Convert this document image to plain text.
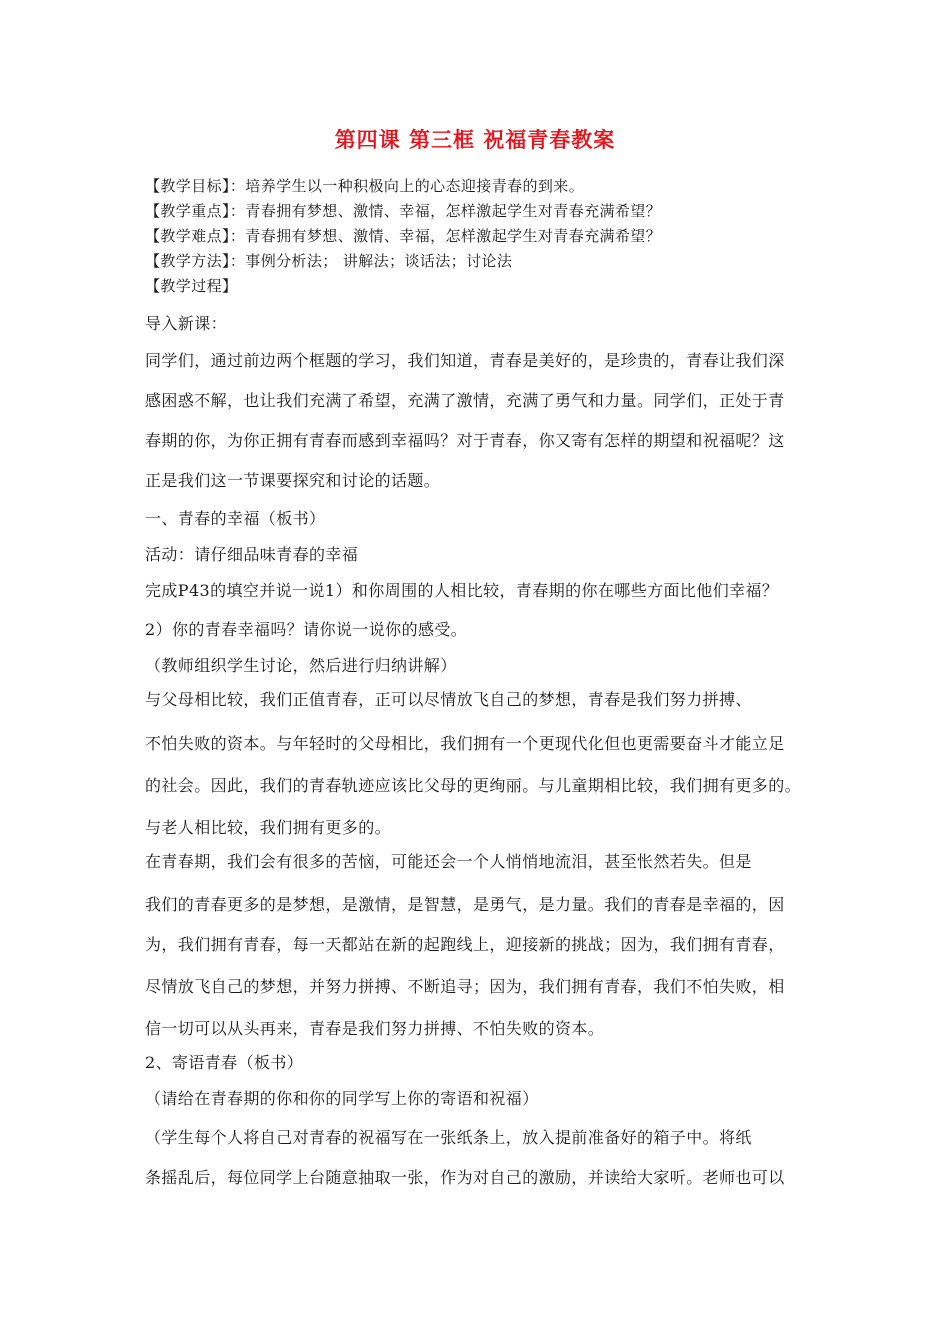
第四课 第三框 祝福青春教案
【教学目标】：培养学生以一种积极向上的心态迎接青春的到来。
【教学重点】：青春拥有梦想、激情、幸福，怎样激起学生对青春充满希望？
【教学难点】：青春拥有梦想、激情、幸福，怎样激起学生对青春充满希望？
【教学方法】：事例分析法； 讲解法；谈话法；讨论法
【教学过程】
导入新课：
同学们，通过前边两个框题的学习，我们知道，青春是美好的，是珍贵的，青春让我们深
感困惑不解，也让我们充满了希望，充满了激情，充满了勇气和力量。同学们，正处于青
春期的你，为你正拥有青春而感到幸福吗？对于青春，你又寄有怎样的期望和祝福呢？这
正是我们这一节课要探究和讨论的话题。
一、青春的幸福（板书）
活动：请仔细品味青春的幸福
完成P43的填空并说一说1）和你周围的人相比较，青春期的你在哪些方面比他们幸福？
2）你的青春幸福吗？请你说一说你的感受。
（教师组织学生讨论，然后进行归纳讲解）
与父母相比较，我们正值青春，正可以尽情放飞自己的梦想，青春是我们努力拼搏、
不怕失败的资本。与年轻时的父母相比，我们拥有一个更现代化但也更需要奋斗才能立足
的社会。因此，我们的青春轨迹应该比父母的更绚丽。与儿童期相比较，我们拥有更多的。
与老人相比较，我们拥有更多的。
在青春期，我们会有很多的苦恼，可能还会一个人悄悄地流泪，甚至怅然若失。但是
我们的青春更多的是梦想，是激情，是智慧，是勇气，是力量。我们的青春是幸福的，因
为，我们拥有青春，每一天都站在新的起跑线上，迎接新的挑战；因为，我们拥有青春，
尽情放飞自己的梦想，并努力拼搏、不断追寻；因为，我们拥有青春，我们不怕失败，相
信一切可以从头再来，青春是我们努力拼搏、不怕失败的资本。
2、寄语青春（板书）
（请给在青春期的你和你的同学写上你的寄语和祝福）
（学生每个人将自己对青春的祝福写在一张纸条上，放入提前准备好的箱子中。将纸
条摇乱后，每位同学上台随意抽取一张，作为对自己的激励，并读给大家听。老师也可以
